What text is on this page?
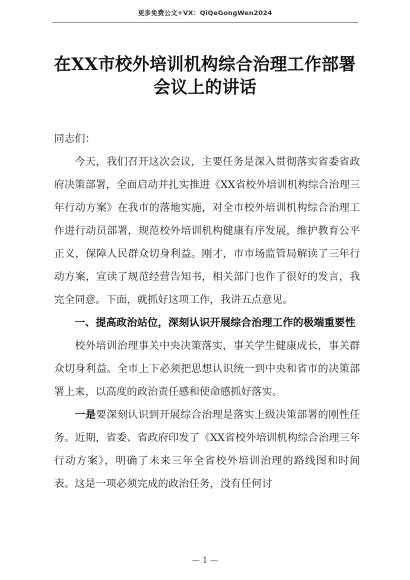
更多免费公文+VX：QiQeGongWen2024
在XX市校外培训机构综合治理工作部署会议上的讲话

同志们：

今天，我们召开这次会议，主要任务是深入贯彻落实省委省政府决策部署，全面启动并扎实推进《XX省校外培训机构综合治理三年行动方案》在我市的落地实施，对全市校外培训机构综合治理工作进行动员部署，规范校外培训机构健康有序发展，维护教育公平正义，保障人民群众切身利益。刚才，市市场监管局解读了三年行动方案，宣读了规范经营告知书，相关部门也作了很好的发言，我完全同意。下面，就抓好这项工作，我讲五点意见。

一、提高政治站位，深刻认识开展综合治理工作的极端重要性

校外培训治理事关中央决策落实，事关学生健康成长，事关群众切身利益。全市上下必须把思想认识统一到中央和省市的决策部署上来，以高度的政治责任感和使命感抓好落实。

一是要深刻认识到开展综合治理是落实上级决策部署的刚性任务。近期，省委、省政府印发了《XX省校外培训机构综合治理三年行动方案》，明确了未来三年全省校外培训治理的路线图和时间表。这是一项必须完成的政治任务，没有任何讨

— 1 —
